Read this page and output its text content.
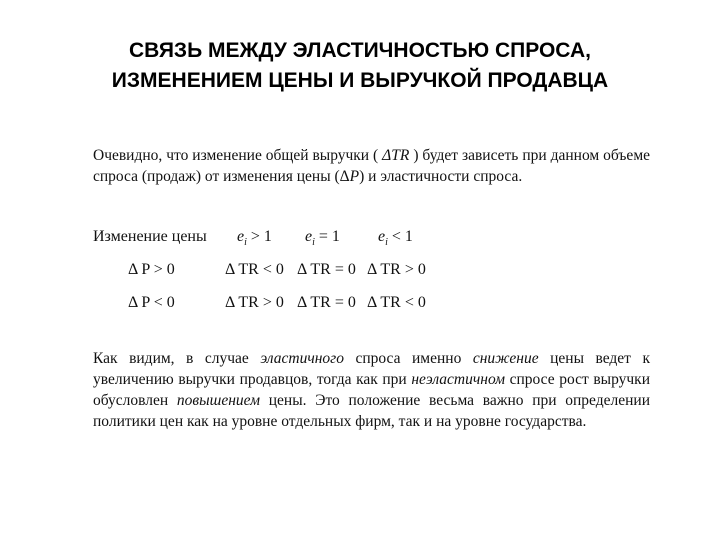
СВЯЗЬ МЕЖДУ ЭЛАСТИЧНОСТЬЮ СПРОСА,
ИЗМЕНЕНИЕМ ЦЕНЫ И ВЫРУЧКОЙ ПРОДАВЦА
Очевидно, что изменение общей выручки ( ΔTR ) будет зависеть при данном объеме спроса (продаж) от изменения цены (ΔP) и эластичности спроса.
Изменение цены $e_i > 1$ $e_i = 1$ $e_i < 1$
Δ P > 0	Δ TR < 0 Δ TR = 0 Δ TR > 0
Δ P < 0	Δ TR > 0 Δ TR = 0 Δ TR < 0
Как видим, в случае эластичного спроса именно снижение цены ведет к увеличению выручки продавцов, тогда как при неэластичном спросе рост выручки обусловлен повышением цены. Это положение весьма важно при определении политики цен как на уровне отдельных фирм, так и на уровне государства.
